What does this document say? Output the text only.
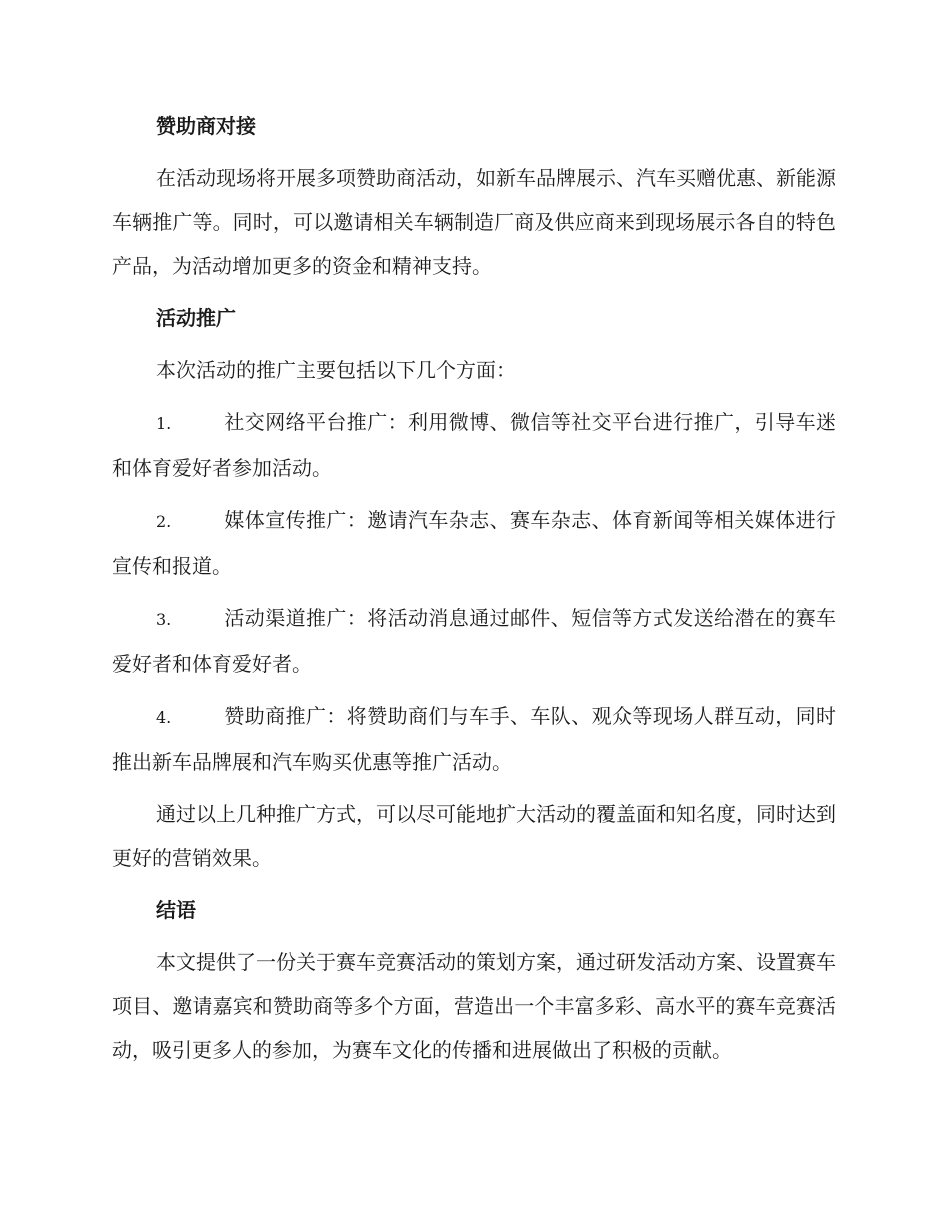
赞助商对接

在活动现场将开展多项赞助商活动，如新车品牌展示、汽车买赠优惠、新能源车辆推广等。同时，可以邀请相关车辆制造厂商及供应商来到现场展示各自的特色产品，为活动增加更多的资金和精神支持。

活动推广

本次活动的推广主要包括以下几个方面：

1.	社交网络平台推广：利用微博、微信等社交平台进行推广，引导车迷和体育爱好者参加活动。

2.	媒体宣传推广：邀请汽车杂志、赛车杂志、体育新闻等相关媒体进行宣传和报道。

3.	活动渠道推广：将活动消息通过邮件、短信等方式发送给潜在的赛车爱好者和体育爱好者。

4.	赞助商推广：将赞助商们与车手、车队、观众等现场人群互动，同时推出新车品牌展和汽车购买优惠等推广活动。

通过以上几种推广方式，可以尽可能地扩大活动的覆盖面和知名度，同时达到更好的营销效果。

结语

本文提供了一份关于赛车竞赛活动的策划方案，通过研发活动方案、设置赛车项目、邀请嘉宾和赞助商等多个方面，营造出一个丰富多彩、高水平的赛车竞赛活动，吸引更多人的参加，为赛车文化的传播和进展做出了积极的贡献。
